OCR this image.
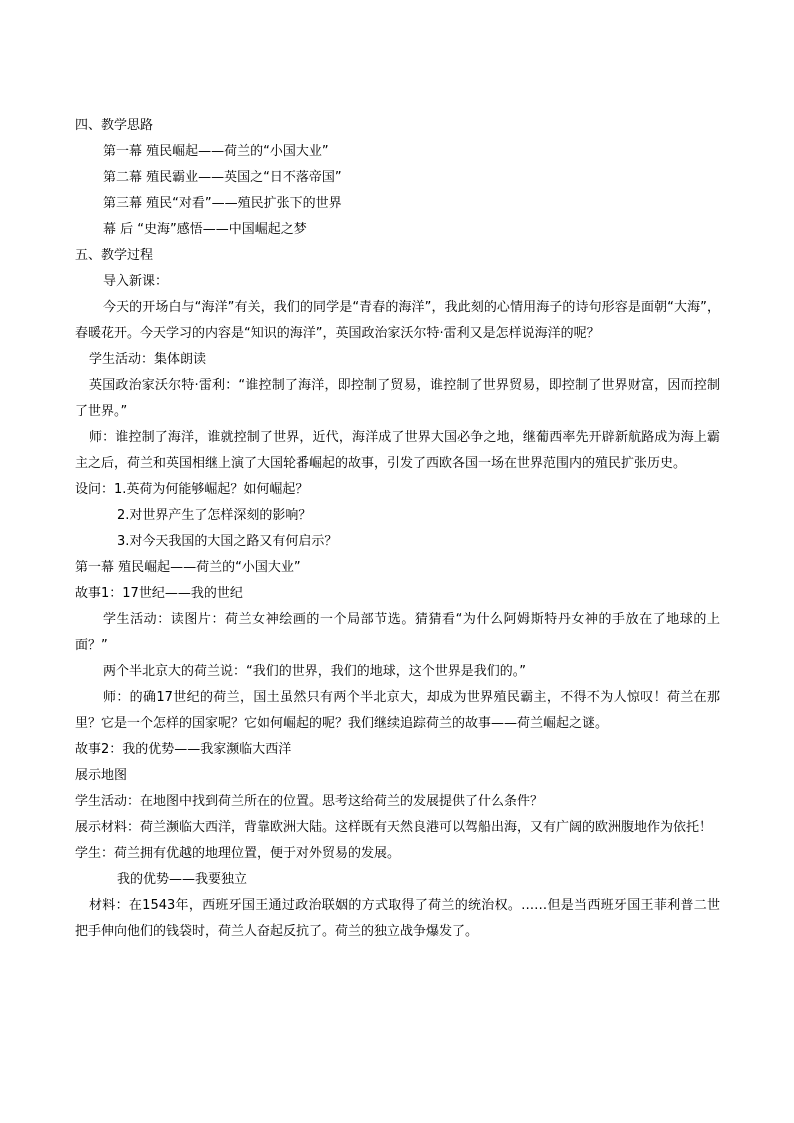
四、教学思路
第一幕 殖民崛起——荷兰的“小国大业”
第二幕 殖民霸业——英国之“日不落帝国”
第三幕 殖民“对看”——殖民扩张下的世界
幕 后 “史海”感悟——中国崛起之梦
五、教学过程
导入新课：
今天的开场白与“海洋”有关，我们的同学是“青春的海洋”，我此刻的心情用海子的诗句形容是面朝“大海”，春暖花开。今天学习的内容是“知识的海洋”，英国政治家沃尔特·雷利又是怎样说海洋的呢？
学生活动：集体朗读
英国政治家沃尔特·雷利：“谁控制了海洋，即控制了贸易，谁控制了世界贸易，即控制了世界财富，因而控制了世界。”
师：谁控制了海洋，谁就控制了世界，近代，海洋成了世界大国必争之地，继葡西率先开辟新航路成为海上霸主之后，荷兰和英国相继上演了大国轮番崛起的故事，引发了西欧各国一场在世界范围内的殖民扩张历史。
设问：1.英荷为何能够崛起？如何崛起？
2.对世界产生了怎样深刻的影响？
3.对今天我国的大国之路又有何启示？
第一幕 殖民崛起——荷兰的“小国大业”
故事1：17世纪——我的世纪
学生活动：读图片：荷兰女神绘画的一个局部节选。猜猜看“为什么阿姆斯特丹女神的手放在了地球的上面？”
两个半北京大的荷兰说：“我们的世界，我们的地球，这个世界是我们的。”
师：的确17世纪的荷兰，国土虽然只有两个半北京大，却成为世界殖民霸主，不得不为人惊叹！荷兰在那里？它是一个怎样的国家呢？它如何崛起的呢？我们继续追踪荷兰的故事——荷兰崛起之谜。
故事2：我的优势——我家濒临大西洋
展示地图
学生活动：在地图中找到荷兰所在的位置。思考这给荷兰的发展提供了什么条件？
展示材料：荷兰濒临大西洋，背靠欧洲大陆。这样既有天然良港可以驾船出海，又有广阔的欧洲腹地作为依托！
学生：荷兰拥有优越的地理位置，便于对外贸易的发展。
我的优势——我要独立
材料：在1543年，西班牙国王通过政治联姻的方式取得了荷兰的统治权。……但是当西班牙国王菲利普二世把手伸向他们的钱袋时，荷兰人奋起反抗了。荷兰的独立战争爆发了。
